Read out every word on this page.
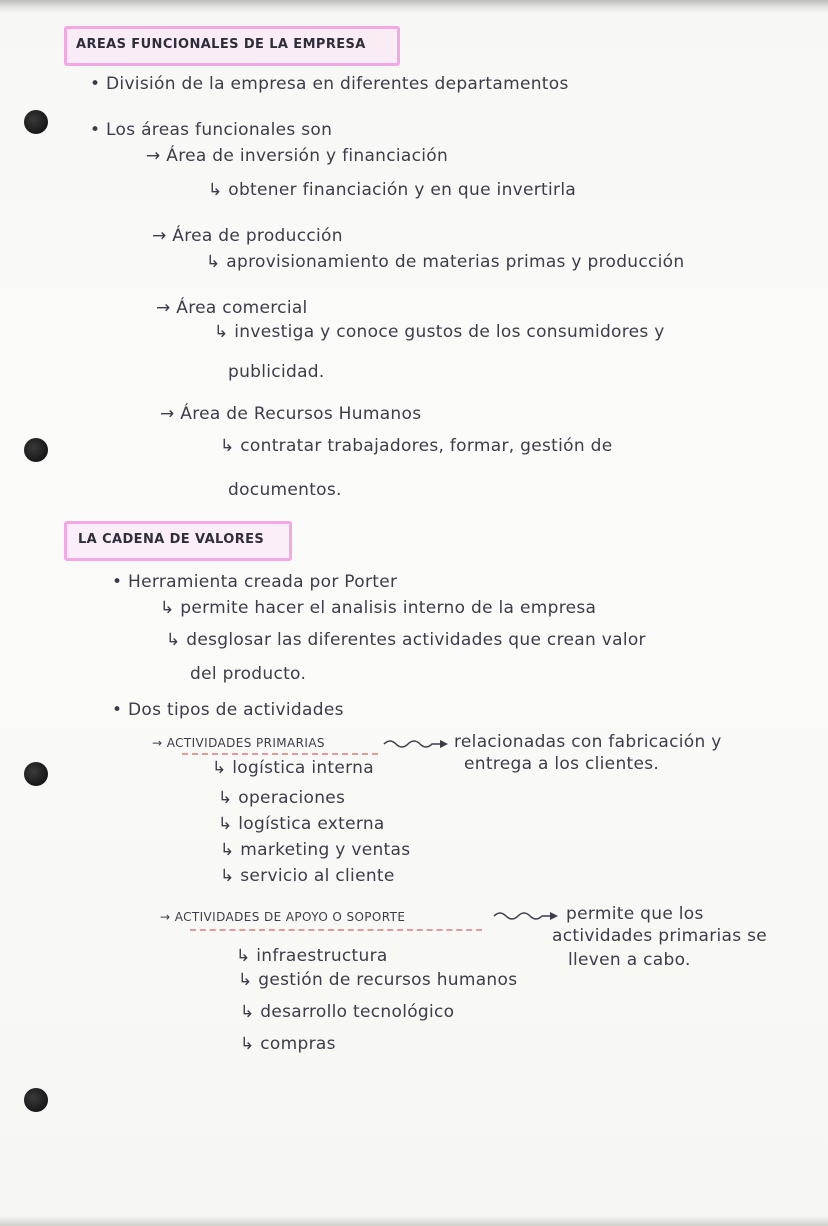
AREAS FUNCIONALES DE LA EMPRESA
• División de la empresa en diferentes departamentos
• Los áreas funcionales son
→ Área de inversión y financiación
↳ obtener financiación y en que invertirla
→ Área de producción
↳ aprovisionamiento de materias primas y producción
→ Área comercial
↳ investiga y conoce gustos de los consumidores y
publicidad.
→ Área de Recursos Humanos
↳ contratar trabajadores, formar, gestión de
documentos.
LA CADENA DE VALORES
• Herramienta creada por Porter
↳ permite hacer el analisis interno de la empresa
↳ desglosar las diferentes actividades que crean valor
del producto.
• Dos tipos de actividades
→ ACTIVIDADES PRIMARIAS	relacionadas con fabricación y
entrega a los clientes.
↳ logística interna
↳ operaciones
↳ logística externa
↳ marketing y ventas
↳ servicio al cliente
→ ACTIVIDADES DE APOYO O SOPORTE	permite que los
actividades primarias se
lleven a cabo.
↳ infraestructura
↳ gestión de recursos humanos
↳ desarrollo tecnológico
↳ compras
